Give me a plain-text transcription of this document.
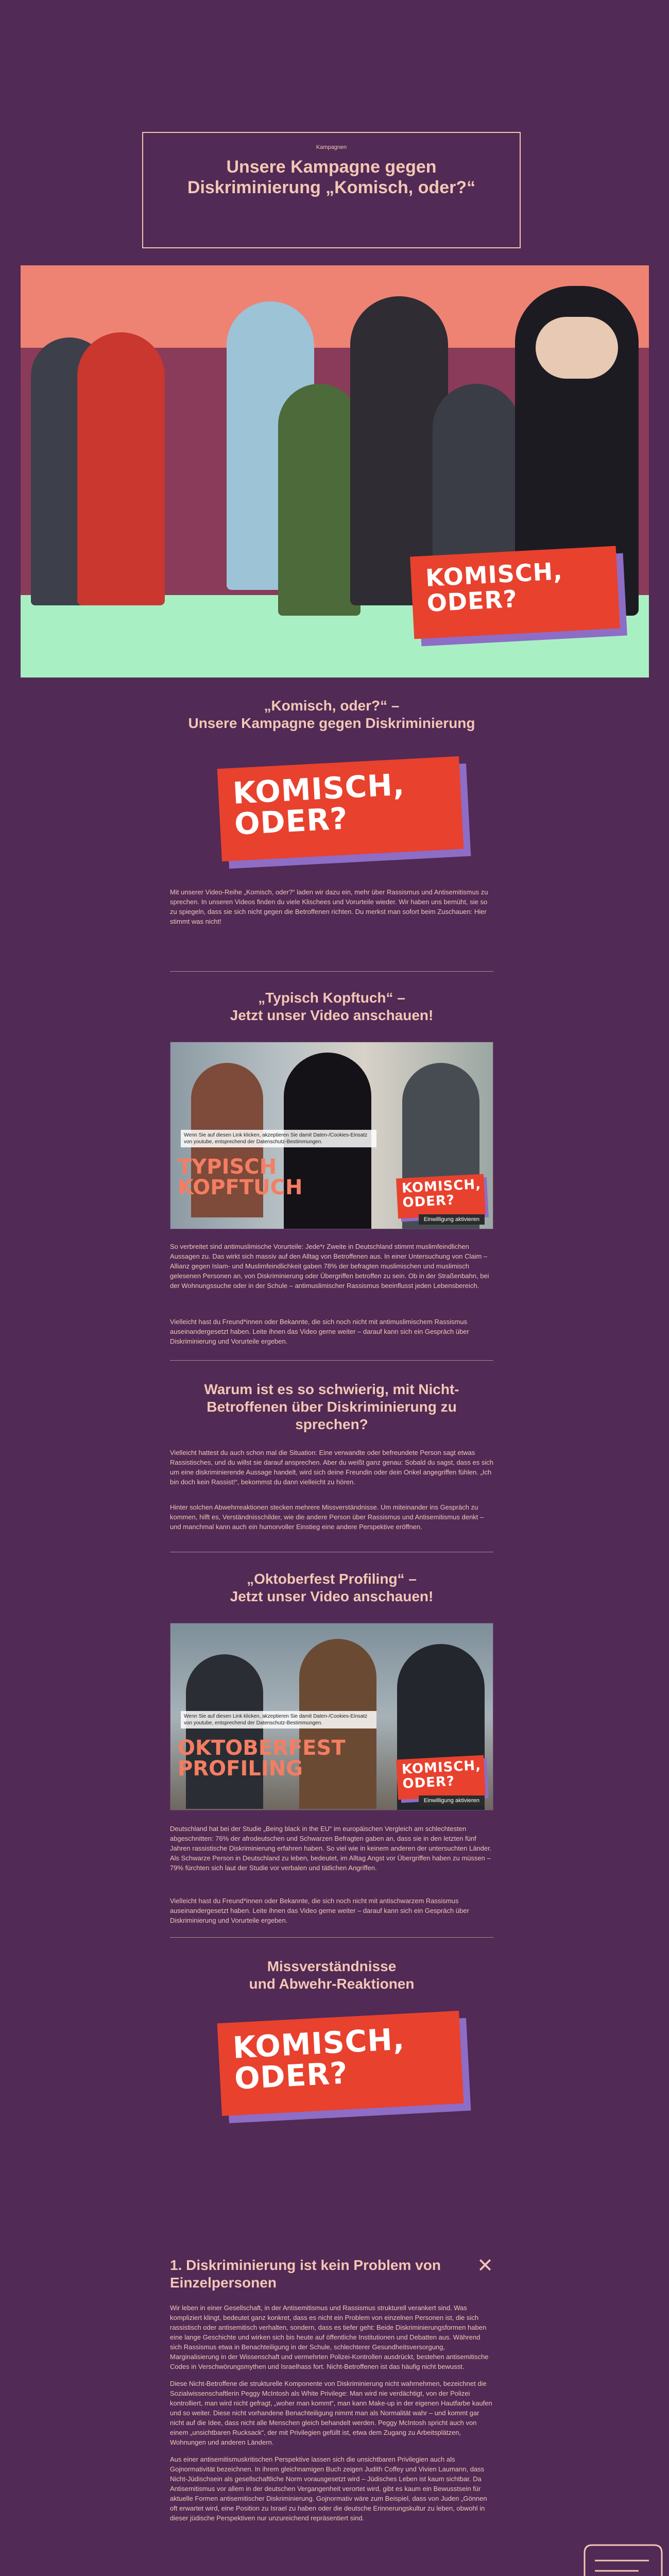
Kampagnen
Unsere Kampagne gegen Diskriminierung „Komisch, oder?“
KOMISCH,
ODER?
„Komisch, oder?“ –
Unsere Kampagne gegen Diskriminierung
KOMISCH,
ODER?

Mit unserer Video-Reihe „Komisch, oder?“ laden wir dazu ein, mehr über Rassismus und Antisemitismus zu sprechen. In unseren Videos finden du viele Klischees und Vorurteile wieder. Wir haben uns bemüht, sie so zu spiegeln, dass sie sich nicht gegen die Betroffenen richten. Du merkst man sofort beim Zuschauen: Hier stimmt was nicht!

„Typisch Kopftuch“ –
Jetzt unser Video anschauen!
Wenn Sie auf diesen Link klicken, akzeptieren Sie damit Daten-/Cookies-Einsatz von youtube, entsprechend der Datenschutz-Bestimmungen.
TYPISCH
KOPFTUCH	KOMISCH,
ODER?
Einwilligung aktivieren

So verbreitet sind antimuslimische Vorurteile: Jede*r Zweite in Deutschland stimmt muslimfeindlichen Aussagen zu. Das wirkt sich massiv auf den Alltag von Betroffenen aus. In einer Untersuchung von Claim – Allianz gegen Islam- und Muslimfeindlichkeit gaben 78% der befragten muslimischen und muslimisch gelesenen Personen an, von Diskriminierung oder Übergriffen betroffen zu sein. Ob in der Straßenbahn, bei der Wohnungssuche oder in der Schule – antimuslimischer Rassismus beeinflusst jeden Lebensbereich.

Vielleicht hast du Freund*innen oder Bekannte, die sich noch nicht mit antimuslimischem Rassismus auseinandergesetzt haben. Leite ihnen das Video gerne weiter – darauf kann sich ein Gespräch über Diskriminierung und Vorurteile ergeben.

Warum ist es so schwierig, mit Nicht-Betroffenen über Diskriminierung zu sprechen?

Vielleicht hattest du auch schon mal die Situation: Eine verwandte oder befreundete Person sagt etwas Rassistisches, und du willst sie darauf ansprechen. Aber du weißt ganz genau: Sobald du sagst, dass es sich um eine diskriminierende Aussage handelt, wird sich deine Freundin oder dein Onkel angegriffen fühlen. „Ich bin doch kein Rassist!“, bekommst du dann vielleicht zu hören.

Hinter solchen Abwehrreaktionen stecken mehrere Missverständnisse. Um miteinander ins Gespräch zu kommen, hilft es, Verständnisschilder, wie die andere Person über Rassismus und Antisemitismus denkt – und manchmal kann auch ein humorvoller Einstieg eine andere Perspektive eröffnen.

„Oktoberfest Profiling“ –
Jetzt unser Video anschauen!
Wenn Sie auf diesen Link klicken, akzeptieren Sie damit Daten-/Cookies-Einsatz von youtube, entsprechend der Datenschutz-Bestimmungen.
OKTOBERFEST
PROFILING	KOMISCH,
ODER?
Einwilligung aktivieren

Deutschland hat bei der Studie „Being black in the EU“ im europäischen Vergleich am schlechtesten abgeschnitten: 76% der afrodeutschen und Schwarzen Befragten gaben an, dass sie in den letzten fünf Jahren rassistische Diskriminierung erfahren haben. So viel wie in keinem anderen der untersuchten Länder. Als Schwarze Person in Deutschland zu leben, bedeutet, im Alltag Angst vor Übergriffen haben zu müssen – 79% fürchten sich laut der Studie vor verbalen und tätlichen Angriffen.

Vielleicht hast du Freund*innen oder Bekannte, die sich noch nicht mit antischwarzem Rassismus auseinandergesetzt haben. Leite ihnen das Video gerne weiter – darauf kann sich ein Gespräch über Diskriminierung und Vorurteile ergeben.

Missverständnisse
und Abwehr-Reaktionen
KOMISCH,
ODER?
1. Diskriminierung ist kein Problem von Einzelpersonen
✕

Wir leben in einer Gesellschaft, in der Antisemitismus und Rassismus strukturell verankert sind. Was kompliziert klingt, bedeutet ganz konkret, dass es nicht ein Problem von einzelnen Personen ist, die sich rassistisch oder antisemitisch verhalten, sondern, dass es tiefer geht: Beide Diskriminierungsformen haben eine lange Geschichte und wirken sich bis heute auf öffentliche Institutionen und Debatten aus. Während sich Rassismus etwa in Benachteiligung in der Schule, schlechterer Gesundheitsversorgung, Marginalisierung in der Wissenschaft und vermehrten Polizei-Kontrollen ausdrückt, bestehen antisemitische Codes in Verschwörungsmythen und Israelhass fort. Nicht-Betroffenen ist das häufig nicht bewusst.

Diese Nicht-Betroffene die strukturelle Komponente von Diskriminierung nicht wahrnehmen, bezeichnet die Sozialwissenschaftlerin Peggy McIntosh als White Privilege: Man wird nie verdächtigt, von der Polizei kontrolliert, man wird nicht gefragt, „woher man kommt“, man kann Make-up in der eigenen Hautfarbe kaufen und so weiter. Diese nicht vorhandene Benachteiligung nimmt man als Normalität wahr – und kommt gar nicht auf die Idee, dass nicht alle Menschen gleich behandelt werden. Peggy McIntosh spricht auch von einem „unsichtbaren Rucksack“, der mit Privilegien gefüllt ist, etwa dem Zugang zu Arbeitsplätzen, Wohnungen und anderen Ländern.

Aus einer antisemitismuskritischen Perspektive lassen sich die unsichtbaren Privilegien auch als Gojnormativität bezeichnen. In ihrem gleichnamigen Buch zeigen Judith Coffey und Vivien Laumann, dass Nicht-Jüdischsein als gesellschaftliche Norm vorausgesetzt wird – Jüdisches Leben ist kaum sichtbar. Da Antisemitismus vor allem in der deutschen Vergangenheit verortet wird, gibt es kaum ein Bewusstsein für aktuelle Formen antisemitischer Diskriminierung. Gojnormativ wäre zum Beispiel, dass von Juden „Gönnen oft erwartet wird, eine Position zu Israel zu haben oder die deutsche Erinnerungskultur zu leben, obwohl in dieser jüdische Perspektiven nur unzureichend repräsentiert sind.
